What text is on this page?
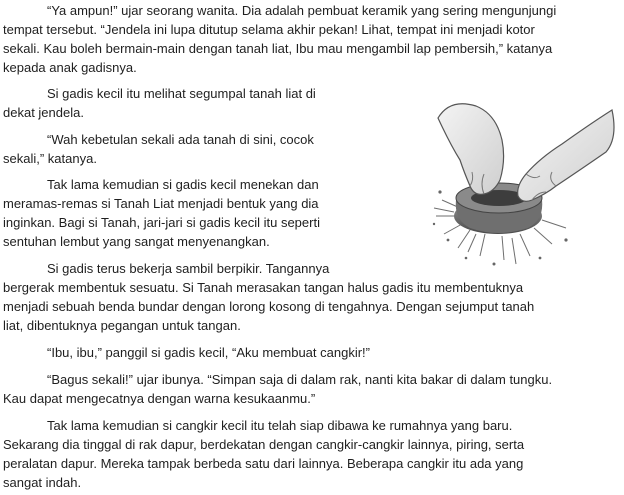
“Ya ampun!” ujar seorang wanita. Dia adalah pembuat keramik yang sering mengunjungi
tempat tersebut. “Jendela ini lupa ditutup selama akhir pekan! Lihat, tempat ini menjadi kotor
sekali. Kau boleh bermain-main dengan tanah liat, Ibu mau mengambil lap pembersih,” katanya
kepada anak gadisnya.
Si gadis kecil itu melihat segumpal tanah liat di
dekat jendela.
“Wah kebetulan sekali ada tanah di sini, cocok
sekali,” katanya.
Tak lama kemudian si gadis kecil menekan dan
meramas-remas si Tanah Liat menjadi bentuk yang dia
inginkan. Bagi si Tanah, jari-jari si gadis kecil itu seperti
sentuhan lembut yang sangat menyenangkan.
Si gadis terus bekerja sambil berpikir. Tangannya
bergerak membentuk sesuatu. Si Tanah merasakan tangan halus gadis itu membentuknya
menjadi sebuah benda bundar dengan lorong kosong di tengahnya. Dengan sejumput tanah
liat, dibentuknya pegangan untuk tangan.
“Ibu, ibu,” panggil si gadis kecil, “Aku membuat cangkir!”
“Bagus sekali!” ujar ibunya. “Simpan saja di dalam rak, nanti kita bakar di dalam tungku.
Kau dapat mengecatnya dengan warna kesukaanmu.”
Tak lama kemudian si cangkir kecil itu telah siap dibawa ke rumahnya yang baru.
Sekarang dia tinggal di rak dapur, berdekatan dengan cangkir-cangkir lainnya, piring, serta
peralatan dapur. Mereka tampak berbeda satu dari lainnya. Beberapa cangkir itu ada yang
sangat indah.
